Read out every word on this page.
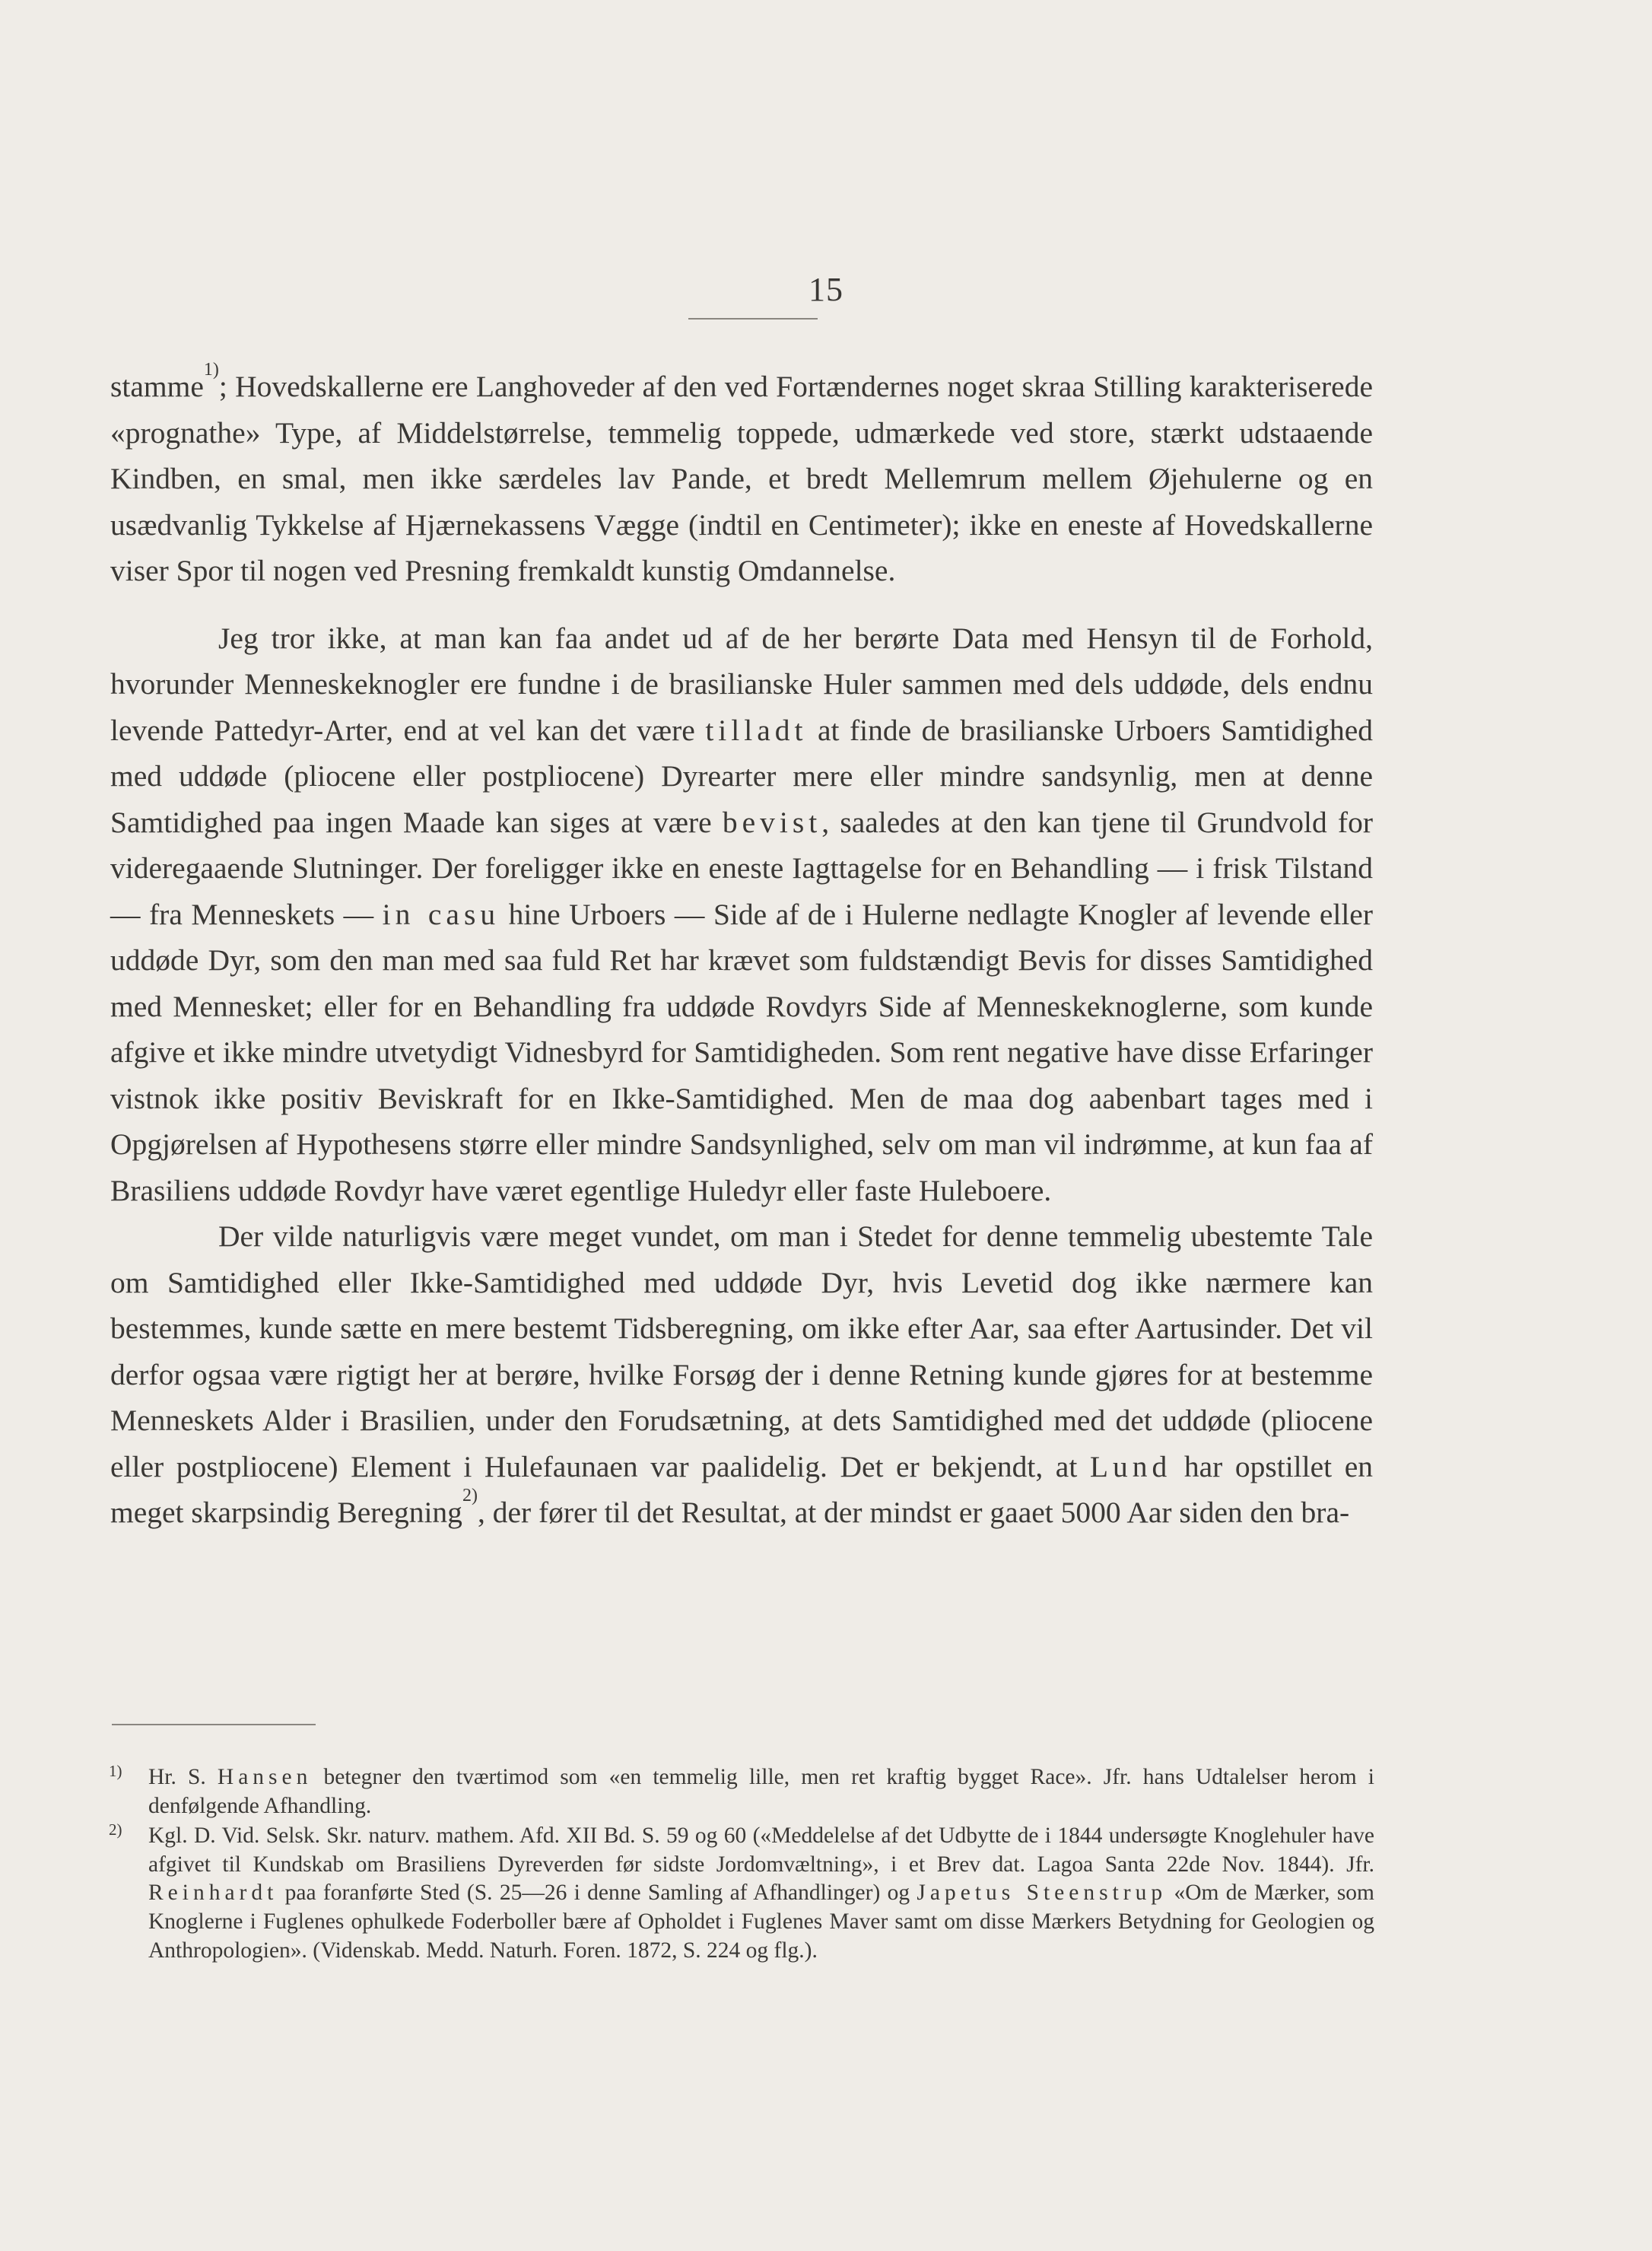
15

stamme$^{1)}$; Hovedskallerne ere Langhoveder af den ved Fortændernes noget skraa Stilling karakteriserede «prognathe» Type, af Middelstørrelse, temmelig toppede, udmærkede ved store, stærkt udstaaende Kindben, en smal, men ikke særdeles lav Pande, et bredt Mellemrum mellem Øjehulerne og en usædvanlig Tykkelse af Hjærnekassens Vægge (indtil en Centimeter); ikke en eneste af Hovedskallerne viser Spor til nogen ved Presning fremkaldt kunstig Omdannelse.

Jeg tror ikke, at man kan faa andet ud af de her berørte Data med Hensyn til de Forhold, hvorunder Menneskeknogler ere fundne i de brasilianske Huler sammen med dels uddøde, dels endnu levende Pattedyr-Arter, end at vel kan det være tilladt at finde de brasilianske Urboers Samtidighed med uddøde (pliocene eller postpliocene) Dyrearter mere eller mindre sandsynlig, men at denne Samtidighed paa ingen Maade kan siges at være bevist, saaledes at den kan tjene til Grundvold for videregaaende Slutninger. Der foreligger ikke en eneste Iagttagelse for en Behandling — i frisk Tilstand — fra Menneskets — in casu hine Urboers — Side af de i Hulerne nedlagte Knogler af levende eller uddøde Dyr, som den man med saa fuld Ret har krævet som fuldstændigt Bevis for disses Samtidighed med Mennesket; eller for en Behandling fra uddøde Rovdyrs Side af Menneskeknoglerne, som kunde afgive et ikke mindre utvetydigt Vidnesbyrd for Samtidigheden. Som rent negative have disse Erfaringer vistnok ikke positiv Beviskraft for en Ikke-Samtidighed. Men de maa dog aabenbart tages med i Opgjørelsen af Hypothesens større eller mindre Sandsynlighed, selv om man vil indrømme, at kun faa af Brasiliens uddøde Rovdyr have været egentlige Huledyr eller faste Huleboere.

Der vilde naturligvis være meget vundet, om man i Stedet for denne temmelig ubestemte Tale om Samtidighed eller Ikke-Samtidighed med uddøde Dyr, hvis Levetid dog ikke nærmere kan bestemmes, kunde sætte en mere bestemt Tidsberegning, om ikke efter Aar, saa efter Aartusinder. Det vil derfor ogsaa være rigtigt her at berøre, hvilke Forsøg der i denne Retning kunde gjøres for at bestemme Menneskets Alder i Brasilien, under den Forudsætning, at dets Samtidighed med det uddøde (pliocene eller postpliocene) Element i Hulefaunaen var paalidelig. Det er bekjendt, at Lund har opstillet en meget skarpsindig Beregning$^{2)}$, der fører til det Resultat, at der mindst er gaaet 5000 Aar siden den bra-

1) Hr. S. Hansen betegner den tværtimod som «en temmelig lille, men ret kraftig bygget Race». Jfr. hans Udtalelser herom i denfølgende Afhandling.
2) Kgl. D. Vid. Selsk. Skr. naturv. mathem. Afd. XII Bd. S. 59 og 60 («Meddelelse af det Udbytte de i 1844 undersøgte Knoglehuler have afgivet til Kundskab om Brasiliens Dyreverden før sidste Jordomvæltning», i et Brev dat. Lagoa Santa 22de Nov. 1844). Jfr. Reinhardt paa foranførte Sted (S. 25—26 i denne Samling af Afhandlinger) og Japetus Steenstrup «Om de Mærker, som Knoglerne i Fuglenes ophulkede Foderboller bære af Opholdet i Fuglenes Maver samt om disse Mærkers Betydning for Geologien og Anthropologien». (Videnskab. Medd. Naturh. Foren. 1872, S. 224 og flg.).
